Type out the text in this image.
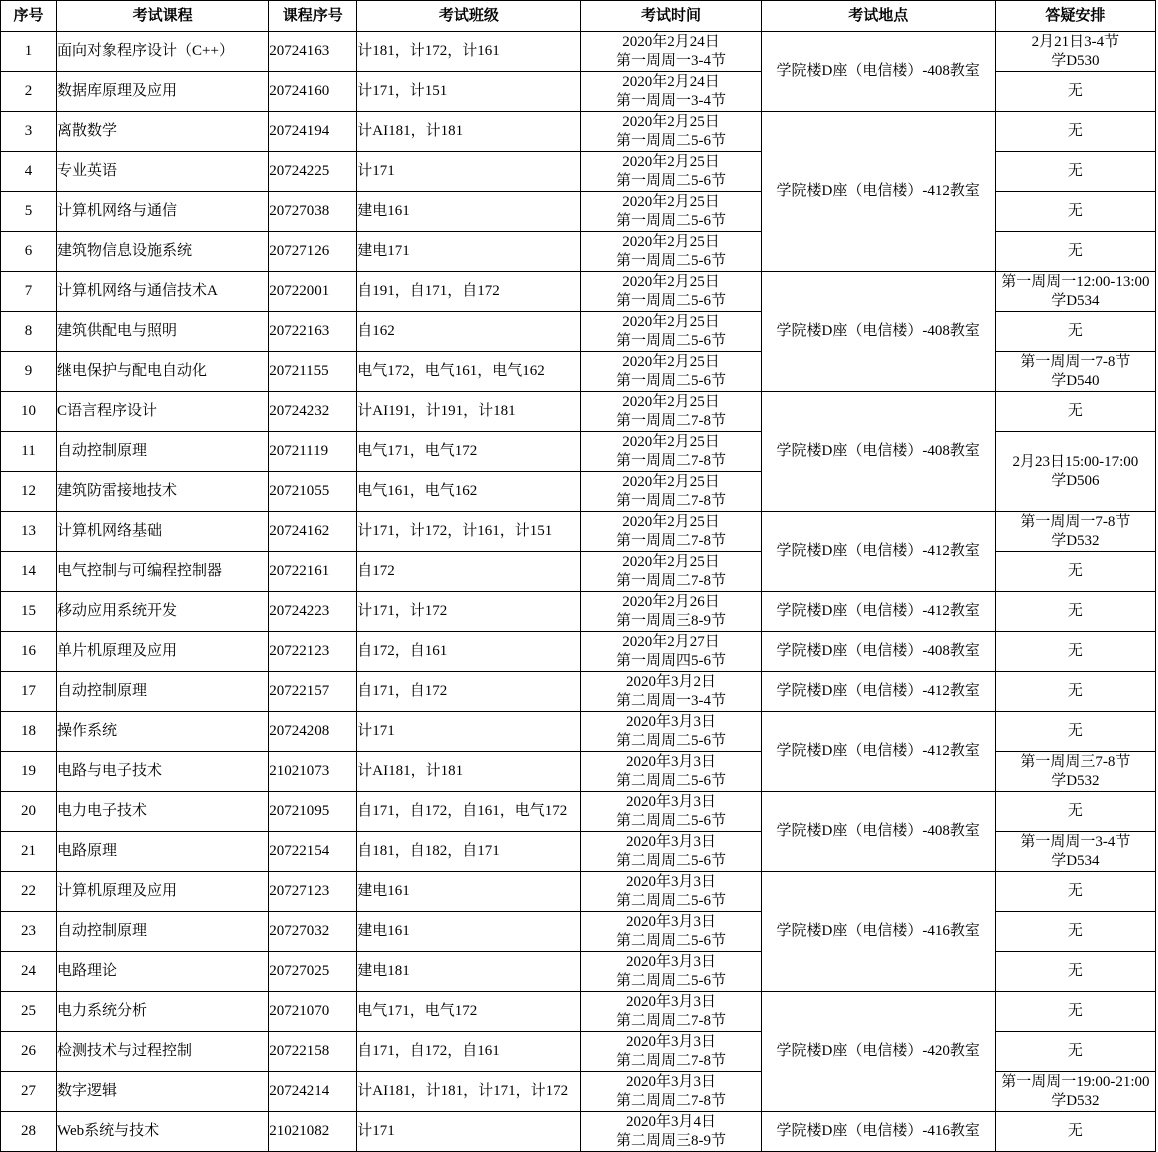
序号	考试课程	课程序号	考试班级	考试时间	考试地点	答疑安排
1	面向对象程序设计（C++）	20724163	计181，计172，计161	2020年2月24日
第一周周一3-4节	学院楼D座（电信楼）-408教室	2月21日3-4节
学D530

2	数据库原理及应用	20724160	计171，计151	2020年2月24日
第一周周一3-4节		无

3	离散数学	20724194	计AI181，计181	2020年2月25日
第一周周二5-6节	学院楼D座（电信楼）-412教室	无

4	专业英语	20724225	计171	2020年2月25日
第一周周二5-6节		无

5	计算机网络与通信	20727038	建电161	2020年2月25日
第一周周二5-6节		无

6	建筑物信息设施系统	20727126	建电171	2020年2月25日
第一周周二5-6节		无

7	计算机网络与通信技术A	20722001	自191，自171，自172	2020年2月25日
第一周周二5-6节	学院楼D座（电信楼）-408教室	第一周周一12:00-13:00
学D534

8	建筑供配电与照明	20722163	自162	2020年2月25日
第一周周二5-6节		无

9	继电保护与配电自动化	20721155	电气172，电气161，电气162	2020年2月25日
第一周周二5-6节		第一周周一7-8节
学D540

10	C语言程序设计	20724232	计AI191，计191，计181	2020年2月25日
第一周周二7-8节	学院楼D座（电信楼）-408教室	无

11	自动控制原理	20721119	电气171，电气172	2020年2月25日
第一周周二7-8节		2月23日15:00-17:00
学D506

12	建筑防雷接地技术	20721055	电气161，电气162	2020年2月25日
第一周周二7-8节		

13	计算机网络基础	20724162	计171，计172，计161，计151	2020年2月25日
第一周周二7-8节	学院楼D座（电信楼）-412教室	第一周周一7-8节
学D532

14	电气控制与可编程控制器	20722161	自172	2020年2月25日
第一周周二7-8节		无

15	移动应用系统开发	20724223	计171，计172	2020年2月26日
第一周周三8-9节	学院楼D座（电信楼）-412教室	无

16	单片机原理及应用	20722123	自172，自161	2020年2月27日
第一周周四5-6节	学院楼D座（电信楼）-408教室	无

17	自动控制原理	20722157	自171，自172	2020年3月2日
第二周周一3-4节	学院楼D座（电信楼）-412教室	无

18	操作系统	20724208	计171	2020年3月3日
第二周周二5-6节	学院楼D座（电信楼）-412教室	无

19	电路与电子技术	21021073	计AI181，计181	2020年3月3日
第二周周二5-6节		第一周周三7-8节
学D532

20	电力电子技术	20721095	自171，自172，自161，电气172	2020年3月3日
第二周周二5-6节	学院楼D座（电信楼）-408教室	无

21	电路原理	20722154	自181，自182，自171	2020年3月3日
第二周周二5-6节		第一周周一3-4节
学D534

22	计算机原理及应用	20727123	建电161	2020年3月3日
第二周周二5-6节	学院楼D座（电信楼）-416教室	无

23	自动控制原理	20727032	建电161	2020年3月3日
第二周周二5-6节		无

24	电路理论	20727025	建电181	2020年3月3日
第二周周二5-6节		无

25	电力系统分析	20721070	电气171，电气172	2020年3月3日
第二周周二7-8节	学院楼D座（电信楼）-420教室	无

26	检测技术与过程控制	20722158	自171，自172，自161	2020年3月3日
第二周周二7-8节		无

27	数字逻辑	20724214	计AI181，计181，计171，计172	2020年3月3日
第二周周二7-8节		第一周周一19:00-21:00
学D532

28	Web系统与技术	21021082	计171	2020年3月4日
第二周周三8-9节	学院楼D座（电信楼）-416教室	无
